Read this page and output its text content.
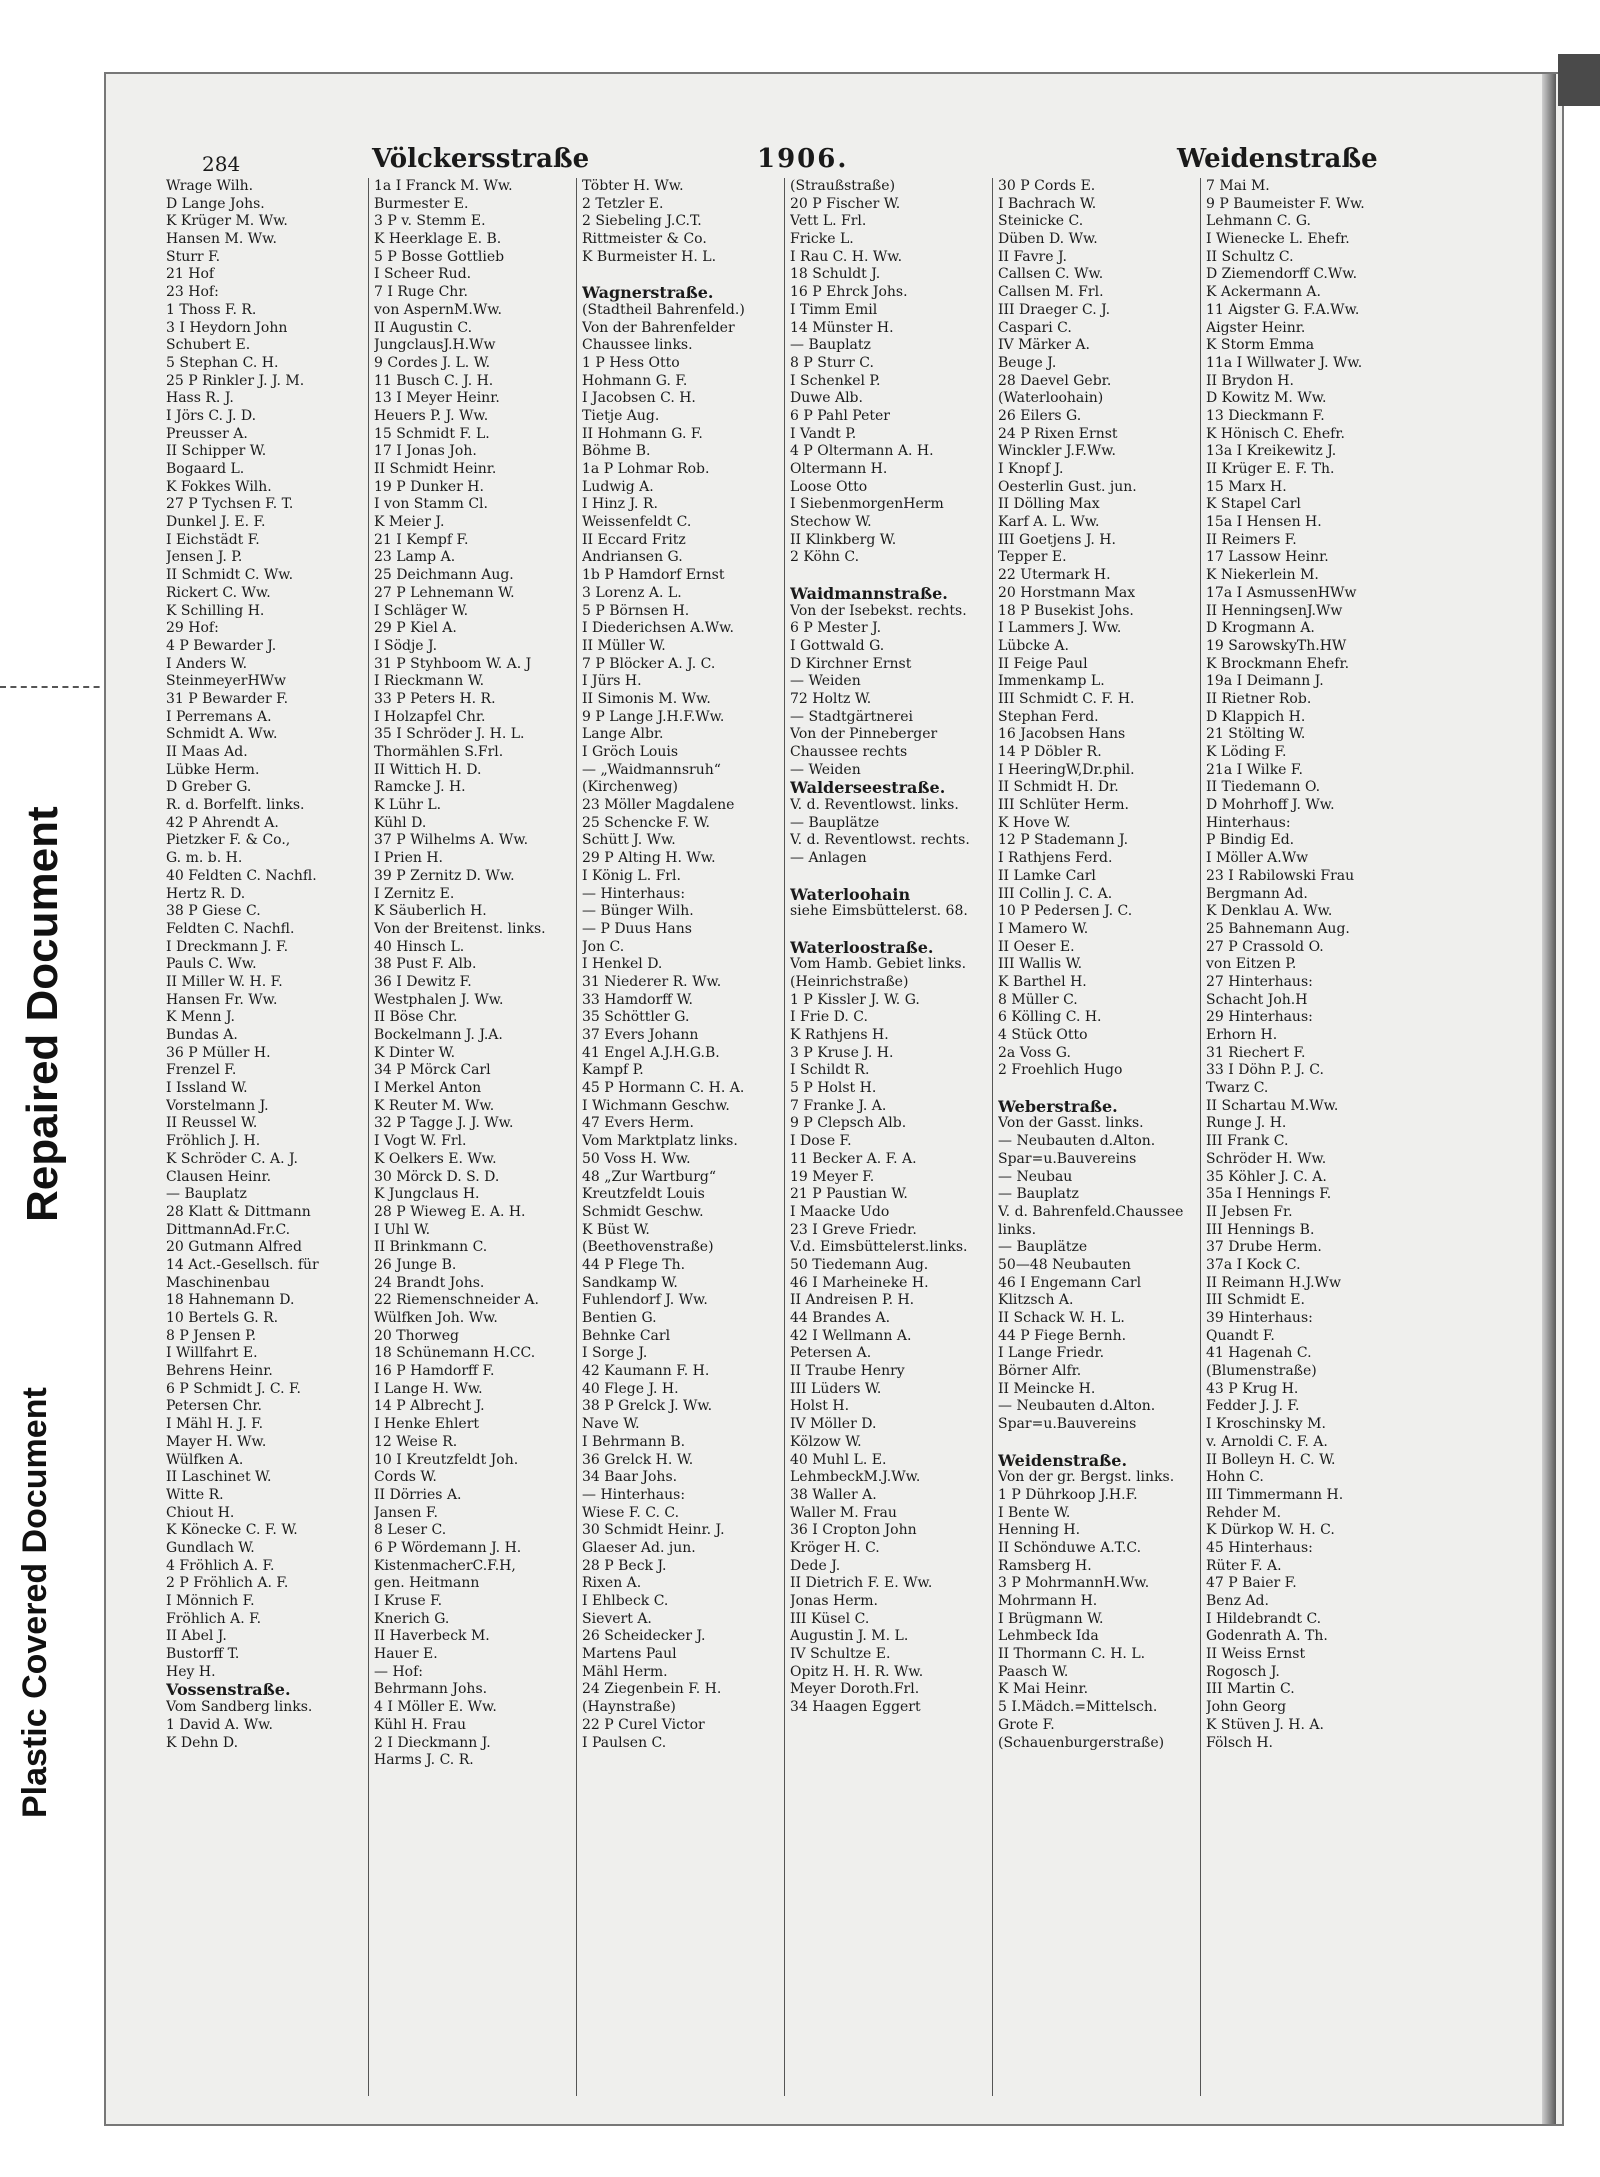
Repaired Document
Plastic Covered Document
284	Völckersstraße	1906.	Weidenstraße
Wrage Wilh.
D Lange Johs.
K Krüger M. Ww.
Hansen M. Ww.
Sturr F.
21 Hof
23 Hof:
1 Thoss F. R.
3 I Heydorn John
Schubert E.
5 Stephan C. H.
25 P Rinkler J. J. M.
Hass R. J.
I Jörs C. J. D.
Preusser A.
II Schipper W.
Bogaard L.
K Fokkes Wilh.
27 P Tychsen F. T.
Dunkel J. E. F.
I Eichstädt F.
Jensen J. P.
II Schmidt C. Ww.
Rickert C. Ww.
K Schilling H.
29 Hof:
4 P Bewarder J.
I Anders W.
SteinmeyerHWw
31 P Bewarder F.
I Perremans A.
Schmidt A. Ww.
II Maas Ad.
Lübke Herm.
D Greber G.
R. d. Borfelft. links.
42 P Ahrendt A.
Pietzker F. & Co.,
G. m. b. H.
40 Feldten C. Nachfl.
Hertz R. D.
38 P Giese C.
Feldten C. Nachfl.
I Dreckmann J. F.
Pauls C. Ww.
II Miller W. H. F.
Hansen Fr. Ww.
K Menn J.
Bundas A.
36 P Müller H.
Frenzel F.
I Issland W.
Vorstelmann J.
II Reussel W.
Fröhlich J. H.
K Schröder C. A. J.
Clausen Heinr.
— Bauplatz
28 Klatt & Dittmann
DittmannAd.Fr.C.
20 Gutmann Alfred
14 Act.-Gesellsch. für
Maschinenbau
18 Hahnemann D.
10 Bertels G. R.
8 P Jensen P.
I Willfahrt E.
Behrens Heinr.
6 P Schmidt J. C. F.
Petersen Chr.
I Mähl H. J. F.
Mayer H. Ww.
Wülfken A.
II Laschinet W.
Witte R.
Chiout H.
K Könecke C. F. W.
Gundlach W.
4 Fröhlich A. F.
2 P Fröhlich A. F.
I Mönnich F.
Fröhlich A. F.
II Abel J.
Bustorff T.
Hey H.
Vossenstraße.
Vom Sandberg links.
1 David A. Ww.
K Dehn D.
1a I Franck M. Ww.
Burmester E.
3 P v. Stemm E.
K Heerklage E. B.
5 P Bosse Gottlieb
I Scheer Rud.
7 I Ruge Chr.
von AspernM.Ww.
II Augustin C.
JungclausJ.H.Ww
9 Cordes J. L. W.
11 Busch C. J. H.
13 I Meyer Heinr.
Heuers P. J. Ww.
15 Schmidt F. L.
17 I Jonas Joh.
II Schmidt Heinr.
19 P Dunker H.
I von Stamm Cl.
K Meier J.
21 I Kempf F.
23 Lamp A.
25 Deichmann Aug.
27 P Lehnemann W.
I Schläger W.
29 P Kiel A.
I Södje J.
31 P Styhboom W. A. J
I Rieckmann W.
33 P Peters H. R.
I Holzapfel Chr.
35 I Schröder J. H. L.
Thormählen S.Frl.
II Wittich H. D.
Ramcke J. H.
K Lühr L.
Kühl D.
37 P Wilhelms A. Ww.
I Prien H.
39 P Zernitz D. Ww.
I Zernitz E.
K Säuberlich H.
Von der Breitenst. links.
40 Hinsch L.
38 Pust F. Alb.
36 I Dewitz F.
Westphalen J. Ww.
II Böse Chr.
Bockelmann J. J.A.
K Dinter W.
34 P Mörck Carl
I Merkel Anton
K Reuter M. Ww.
32 P Tagge J. J. Ww.
I Vogt W. Frl.
K Oelkers E. Ww.
30 Mörck D. S. D.
K Jungclaus H.
28 P Wieweg E. A. H.
I Uhl W.
II Brinkmann C.
26 Junge B.
24 Brandt Johs.
22 Riemenschneider A.
Wülfken Joh. Ww.
20 Thorweg
18 Schünemann H.CC.
16 P Hamdorff F.
I Lange H. Ww.
14 P Albrecht J.
I Henke Ehlert
12 Weise R.
10 I Kreutzfeldt Joh.
Cords W.
II Dörries A.
Jansen F.
8 Leser C.
6 P Wördemann J. H.
KistenmacherC.F.H,
gen. Heitmann
I Kruse F.
Knerich G.
II Haverbeck M.
Hauer E.
— Hof:
Behrmann Johs.
4 I Möller E. Ww.
Kühl H. Frau
2 I Dieckmann J.
Harms J. C. R.
Töbter H. Ww.
2 Tetzler E.
2 Siebeling J.C.T.
Rittmeister & Co.
K Burmeister H. L.
Wagnerstraße.
(Stadtheil Bahrenfeld.)
Von der Bahrenfelder
Chaussee links.
1 P Hess Otto
Hohmann G. F.
I Jacobsen C. H.
Tietje Aug.
II Hohmann G. F.
Böhme B.
1a P Lohmar Rob.
Ludwig A.
I Hinz J. R.
Weissenfeldt C.
II Eccard Fritz
Andriansen G.
1b P Hamdorf Ernst
3 Lorenz A. L.
5 P Börnsen H.
I Diederichsen A.Ww.
II Müller W.
7 P Blöcker A. J. C.
I Jürs H.
II Simonis M. Ww.
9 P Lange J.H.F.Ww.
Lange Albr.
I Gröch Louis
— „Waidmannsruh“
(Kirchenweg)
23 Möller Magdalene
25 Schencke F. W.
Schütt J. Ww.
29 P Alting H. Ww.
I König L. Frl.
— Hinterhaus:
— Bünger Wilh.
— P Duus Hans
Jon C.
I Henkel D.
31 Niederer R. Ww.
33 Hamdorff W.
35 Schöttler G.
37 Evers Johann
41 Engel A.J.H.G.B.
Kampf P.
45 P Hormann C. H. A.
I Wichmann Geschw.
47 Evers Herm.
Vom Marktplatz links.
50 Voss H. Ww.
48 „Zur Wartburg“
Kreutzfeldt Louis
Schmidt Geschw.
K Büst W.
(Beethovenstraße)
44 P Flege Th.
Sandkamp W.
Fuhlendorf J. Ww.
Bentien G.
Behnke Carl
I Sorge J.
42 Kaumann F. H.
40 Flege J. H.
38 P Grelck J. Ww.
Nave W.
I Behrmann B.
36 Grelck H. W.
34 Baar Johs.
— Hinterhaus:
Wiese F. C. C.
30 Schmidt Heinr. J.
Glaeser Ad. jun.
28 P Beck J.
Rixen A.
I Ehlbeck C.
Sievert A.
26 Scheidecker J.
Martens Paul
Mähl Herm.
24 Ziegenbein F. H.
(Haynstraße)
22 P Curel Victor
I Paulsen C.
(Straußstraße)
20 P Fischer W.
Vett L. Frl.
Fricke L.
I Rau C. H. Ww.
18 Schuldt J.
16 P Ehrck Johs.
I Timm Emil
14 Münster H.
— Bauplatz
8 P Sturr C.
I Schenkel P.
Duwe Alb.
6 P Pahl Peter
I Vandt P.
4 P Oltermann A. H.
Oltermann H.
Loose Otto
I SiebenmorgenHerm
Stechow W.
II Klinkberg W.
2 Köhn C.
Waidmannstraße.
Von der Isebekst. rechts.
6 P Mester J.
I Gottwald G.
D Kirchner Ernst
— Weiden
72 Holtz W.
— Stadtgärtnerei
Von der Pinneberger
Chaussee rechts
— Weiden
Waldersееstraße.
V. d. Reventlowst. links.
— Bauplätze
V. d. Reventlowst. rechts.
— Anlagen
Waterloohain
siehe Eimsbüttelerst. 68.
Waterloostraße.
Vom Hamb. Gebiet links.
(Heinrichstraße)
1 P Kissler J. W. G.
I Frie D. C.
K Rathjens H.
3 P Kruse J. H.
I Schildt R.
5 P Holst H.
7 Franke J. A.
9 P Clepsch Alb.
I Dose F.
11 Becker A. F. A.
19 Meyer F.
21 P Paustian W.
I Maacke Udo
23 I Greve Friedr.
V.d. Eimsbüttelerst.links.
50 Tiedemann Aug.
46 I Marheineke H.
II Andreisen P. H.
44 Brandes A.
42 I Wellmann A.
Petersen A.
II Traube Henry
III Lüders W.
Holst H.
IV Möller D.
Kölzow W.
40 Muhl L. E.
LehmbeckM.J.Ww.
38 Waller A.
Waller M. Frau
36 I Cropton John
Kröger H. C.
Dede J.
II Dietrich F. E. Ww.
Jonas Herm.
III Küsel C.
Augustin J. M. L.
IV Schultze E.
Opitz H. H. R. Ww.
Meyer Doroth.Frl.
34 Haagen Eggert
30 P Cords E.
I Bachrach W.
Steinicke C.
Düben D. Ww.
II Favre J.
Callsen C. Ww.
Callsen M. Frl.
III Draeger C. J.
Caspari C.
IV Märker A.
Beuge J.
28 Daevel Gebr.
(Waterloohain)
26 Eilers G.
24 P Rixen Ernst
Winckler J.F.Ww.
I Knopf J.
Oesterlin Gust. jun.
II Dölling Max
Karf A. L. Ww.
III Goetjens J. H.
Tepper E.
22 Utermark H.
20 Horstmann Max
18 P Busekist Johs.
I Lammers J. Ww.
Lübcke A.
II Feige Paul
Immenkamp L.
III Schmidt C. F. H.
Stephan Ferd.
16 Jacobsen Hans
14 P Döbler R.
I HeeringW,Dr.phil.
II Schmidt H. Dr.
III Schlüter Herm.
K Hove W.
12 P Stademann J.
I Rathjens Ferd.
II Lamke Carl
III Collin J. C. A.
10 P Pedersen J. C.
I Mamero W.
II Oeser E.
III Wallis W.
K Barthel H.
8 Müller C.
6 Kölling C. H.
4 Stück Otto
2a Voss G.
2 Froehlich Hugo
Weberstraße.
Von der Gasst. links.
— Neubauten d.Alton.
Spar=u.Bauvereins
— Neubau
— Bauplatz
V. d. Bahrenfeld.Chaussee
links.
— Bauplätze
50—48 Neubauten
46 I Engemann Carl
Klitzsch A.
II Schack W. H. L.
44 P Fiege Bernh.
I Lange Friedr.
Börner Alfr.
II Meincke H.
— Neubauten d.Alton.
Spar=u.Bauvereins
Weidenstraße.
Von der gr. Bergst. links.
1 P Dührkoop J.H.F.
I Bente W.
Henning H.
II Schönduwe A.T.C.
Ramsberg H.
3 P MohrmannH.Ww.
Mohrmann H.
I Brügmann W.
Lehmbeck Ida
II Thormann C. H. L.
Paasch W.
K Mai Heinr.
5 I.Mädch.=Mittelsch.
Grote F.
(Schauenburgerstraße)
7 Mai M.
9 P Baumeister F. Ww.
Lehmann C. G.
I Wienecke L. Ehefr.
II Schultz C.
D Ziemendorff C.Ww.
K Ackermann A.
11 Aigster G. F.A.Ww.
Aigster Heinr.
K Storm Emma
11a I Willwater J. Ww.
II Brydon H.
D Kowitz M. Ww.
13 Dieckmann F.
K Hönisch C. Ehefr.
13a I Kreikewitz J.
II Krüger E. F. Th.
15 Marx H.
K Stapel Carl
15a I Hensen H.
II Reimers F.
17 Lassow Heinr.
K Niekerlein M.
17a I AsmussenHWw
II HenningsenJ.Ww
D Krogmann A.
19 SarowskyTh.HW
K Brockmann Ehefr.
19a I Deimann J.
II Rietner Rob.
D Klappich H.
21 Stölting W.
K Löding F.
21a I Wilke F.
II Tiedemann O.
D Mohrhoff J. Ww.
Hinterhaus:
P Bindig Ed.
I Möller A.Ww
23 I Rabilowski Frau
Bergmann Ad.
K Denklau A. Ww.
25 Bahnemann Aug.
27 P Crassold O.
von Eitzen P.
27 Hinterhaus:
Schacht Joh.H
29 Hinterhaus:
Erhorn H.
31 Riechert F.
33 I Döhn P. J. C.
Twarz C.
II Schartau M.Ww.
Runge J. H.
III Frank C.
Schröder H. Ww.
35 Köhler J. C. A.
35a I Hennings F.
II Jebsen Fr.
III Hennings B.
37 Drube Herm.
37a I Kock C.
II Reimann H.J.Ww
III Schmidt E.
39 Hinterhaus:
Quandt F.
41 Hagenah C.
(Blumenstraße)
43 P Krug H.
Fedder J. J. F.
I Kroschinsky M.
v. Arnoldi C. F. A.
II Bolleyn H. C. W.
Hohn C.
III Timmermann H.
Rehder M.
K Dürkop W. H. C.
45 Hinterhaus:
Rüter F. A.
47 P Baier F.
Benz Ad.
I Hildebrandt C.
Godenrath A. Th.
II Weiss Ernst
Rogosch J.
III Martin C.
John Georg
K Stüven J. H. A.
Fölsch H.
